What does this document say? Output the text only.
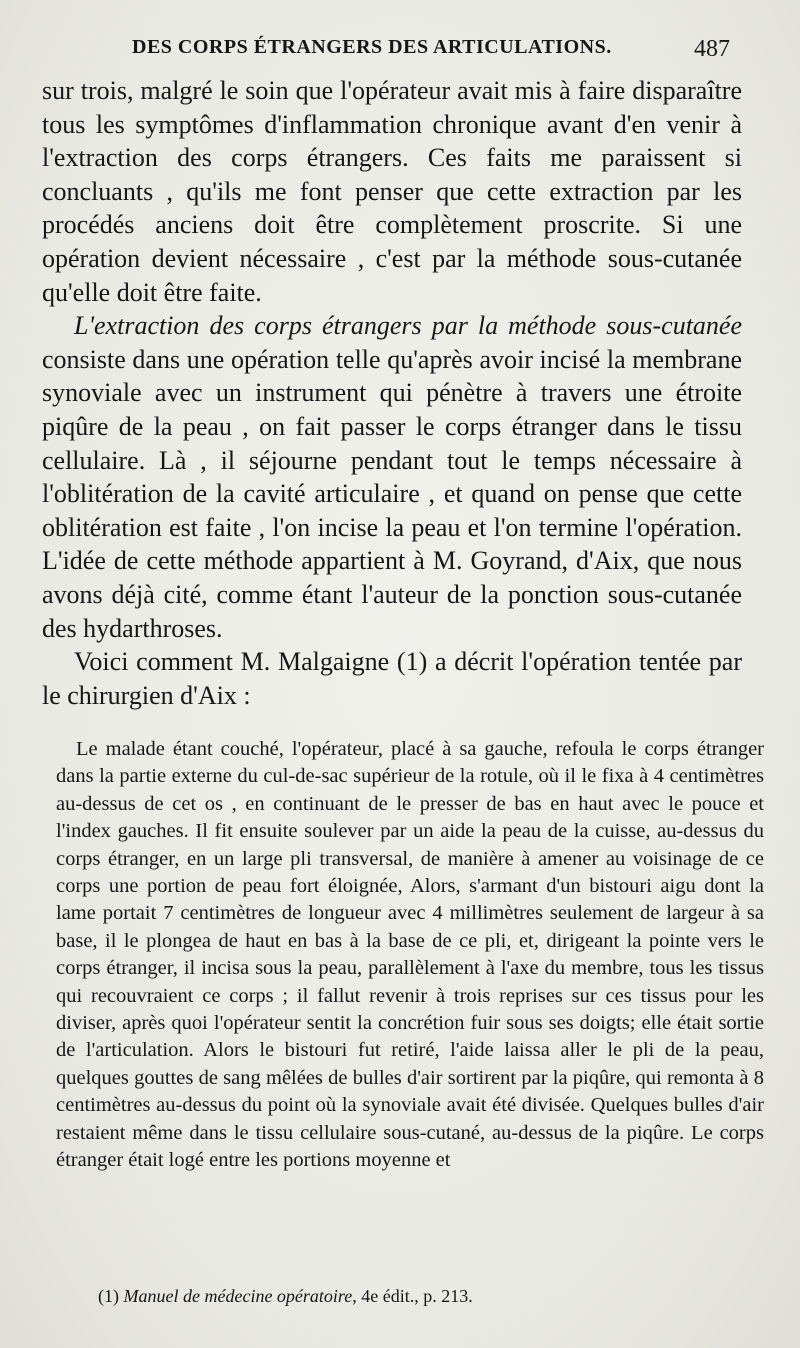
DES CORPS ÉTRANGERS DES ARTICULATIONS.	487

sur trois, malgré le soin que l'opérateur avait mis à faire disparaître tous les symptômes d'inflammation chronique avant d'en venir à l'extraction des corps étrangers. Ces faits me paraissent si concluants , qu'ils me font penser que cette extraction par les procédés anciens doit être complètement proscrite. Si une opération devient nécessaire , c'est par la méthode sous-cutanée qu'elle doit être faite.

L'extraction des corps étrangers par la méthode sous-cutanée consiste dans une opération telle qu'après avoir incisé la membrane synoviale avec un instrument qui pénètre à travers une étroite piqûre de la peau , on fait passer le corps étranger dans le tissu cellulaire. Là , il séjourne pendant tout le temps nécessaire à l'oblitération de la cavité articulaire , et quand on pense que cette oblitération est faite , l'on incise la peau et l'on termine l'opération. L'idée de cette méthode appartient à M. Goyrand, d'Aix, que nous avons déjà cité, comme étant l'auteur de la ponction sous-cutanée des hydarthroses.

Voici comment M. Malgaigne (1) a décrit l'opération tentée par le chirurgien d'Aix :

Le malade étant couché, l'opérateur, placé à sa gauche, refoula le corps étranger dans la partie externe du cul-de-sac supérieur de la rotule, où il le fixa à 4 centimètres au-dessus de cet os , en continuant de le presser de bas en haut avec le pouce et l'index gauches. Il fit ensuite soulever par un aide la peau de la cuisse, au-dessus du corps étranger, en un large pli transversal, de manière à amener au voisinage de ce corps une portion de peau fort éloignée, Alors, s'armant d'un bistouri aigu dont la lame portait 7 centimètres de longueur avec 4 millimètres seulement de largeur à sa base, il le plongea de haut en bas à la base de ce pli, et, dirigeant la pointe vers le corps étranger, il incisa sous la peau, parallèlement à l'axe du membre, tous les tissus qui recouvraient ce corps ; il fallut revenir à trois reprises sur ces tissus pour les diviser, après quoi l'opérateur sentit la concrétion fuir sous ses doigts; elle était sortie de l'articulation. Alors le bistouri fut retiré, l'aide laissa aller le pli de la peau, quelques gouttes de sang mêlées de bulles d'air sortirent par la piqûre, qui remonta à 8 centimètres au-dessus du point où la synoviale avait été divisée. Quelques bulles d'air restaient même dans le tissu cellulaire sous-cutané, au-dessus de la piqûre. Le corps étranger était logé entre les portions moyenne et

(1) Manuel de médecine opératoire, 4e édit., p. 213.
